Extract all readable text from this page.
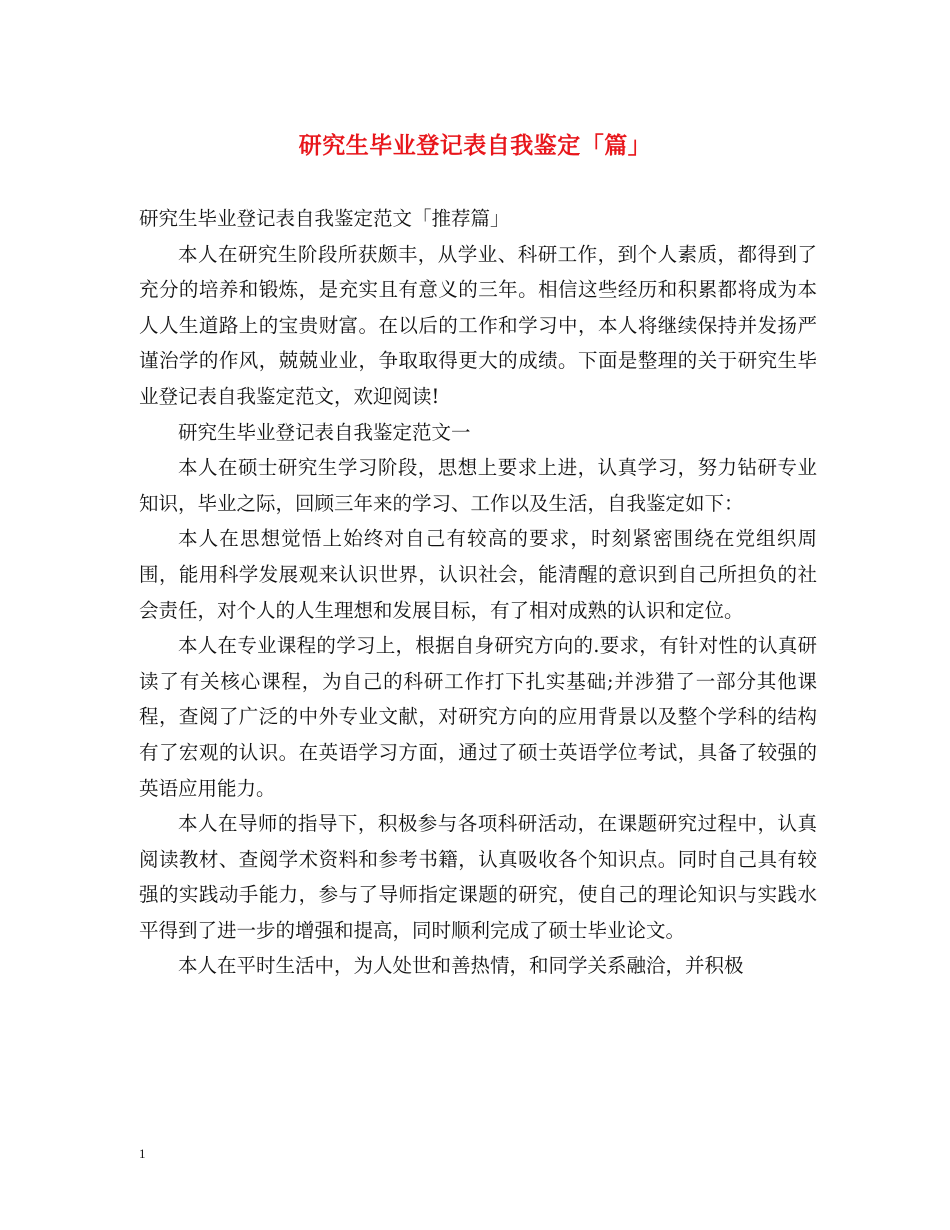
研究生毕业登记表自我鉴定「篇」

研究生毕业登记表自我鉴定范文「推荐篇」

本人在研究生阶段所获颇丰，从学业、科研工作，到个人素质，都得到了充分的培养和锻炼，是充实且有意义的三年。相信这些经历和积累都将成为本人人生道路上的宝贵财富。在以后的工作和学习中，本人将继续保持并发扬严谨治学的作风，兢兢业业，争取取得更大的成绩。下面是整理的关于研究生毕业登记表自我鉴定范文，欢迎阅读!

研究生毕业登记表自我鉴定范文一

本人在硕士研究生学习阶段，思想上要求上进，认真学习，努力钻研专业知识，毕业之际，回顾三年来的学习、工作以及生活，自我鉴定如下：

本人在思想觉悟上始终对自己有较高的要求，时刻紧密围绕在党组织周围，能用科学发展观来认识世界，认识社会，能清醒的意识到自己所担负的社会责任，对个人的人生理想和发展目标，有了相对成熟的认识和定位。

本人在专业课程的学习上，根据自身研究方向的.要求，有针对性的认真研读了有关核心课程，为自己的科研工作打下扎实基础;并涉猎了一部分其他课程，查阅了广泛的中外专业文献，对研究方向的应用背景以及整个学科的结构有了宏观的认识。在英语学习方面，通过了硕士英语学位考试，具备了较强的英语应用能力。

本人在导师的指导下，积极参与各项科研活动，在课题研究过程中，认真阅读教材、查阅学术资料和参考书籍，认真吸收各个知识点。同时自己具有较强的实践动手能力，参与了导师指定课题的研究，使自己的理论知识与实践水平得到了进一步的增强和提高，同时顺利完成了硕士毕业论文。

本人在平时生活中，为人处世和善热情，和同学关系融洽，并积极

1
